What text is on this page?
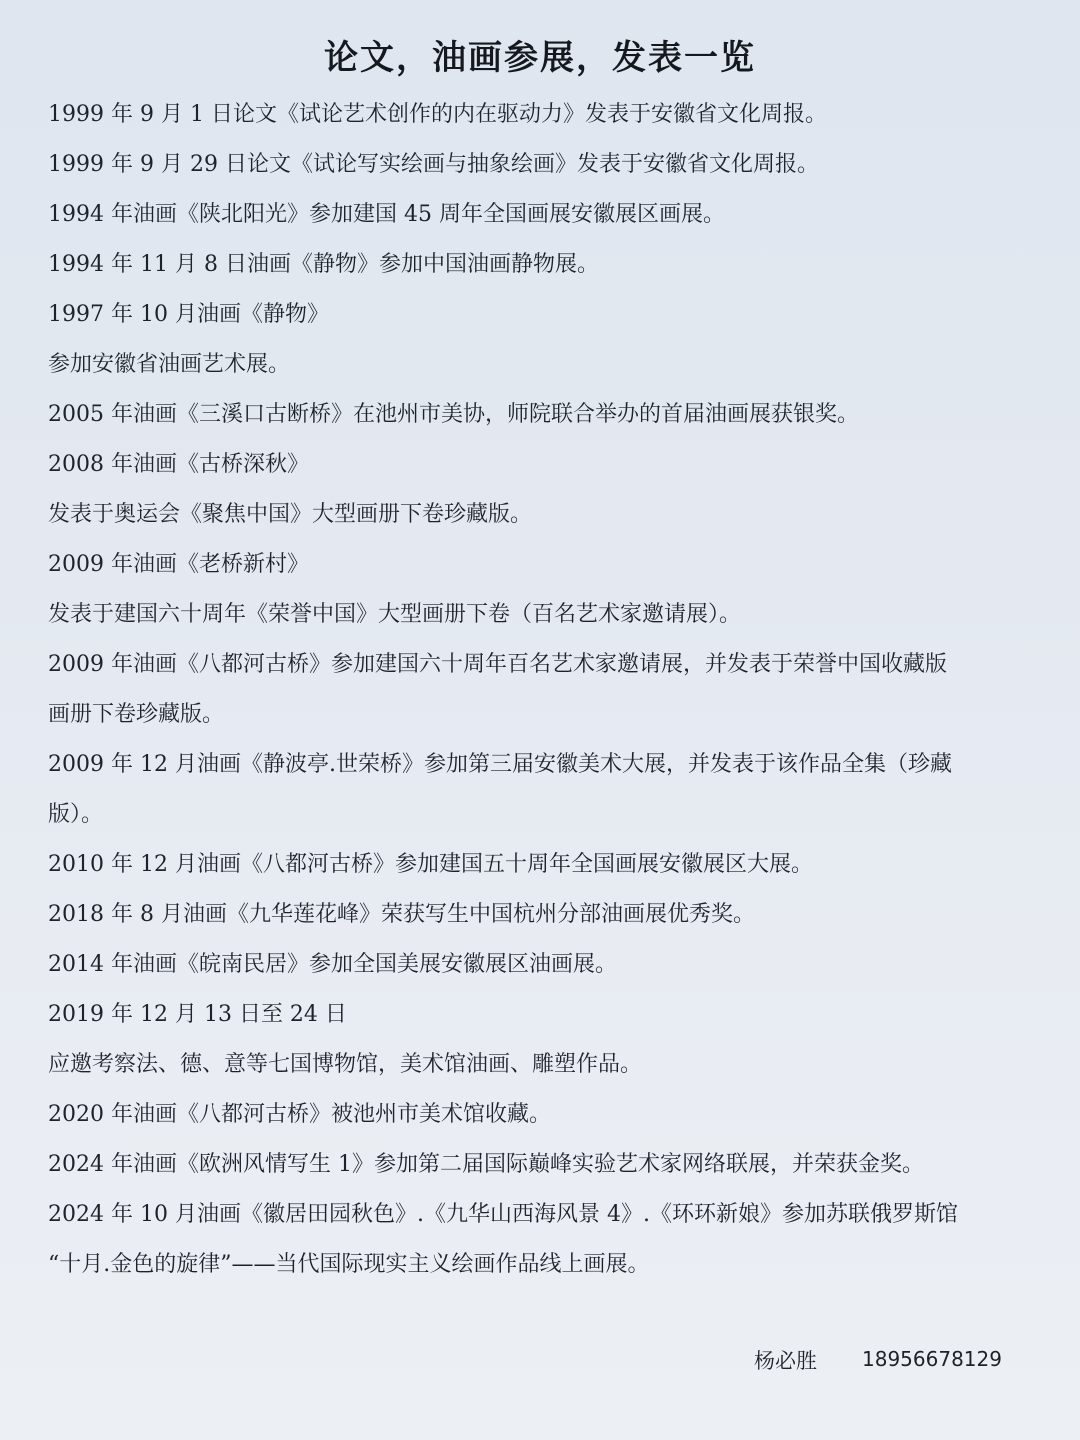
论文，油画参展，发表一览
1999 年 9 月 1 日论文《试论艺术创作的内在驱动力》发表于安徽省文化周报。
1999 年 9 月 29 日论文《试论写实绘画与抽象绘画》发表于安徽省文化周报。
1994 年油画《陕北阳光》参加建国 45 周年全国画展安徽展区画展。
1994 年 11 月 8 日油画《静物》参加中国油画静物展。
1997 年 10 月油画《静物》
参加安徽省油画艺术展。
2005 年油画《三溪口古断桥》在池州市美协，师院联合举办的首届油画展获银奖。
2008 年油画《古桥深秋》
发表于奥运会《聚焦中国》大型画册下卷珍藏版。
2009 年油画《老桥新村》
发表于建国六十周年《荣誉中国》大型画册下卷（百名艺术家邀请展）。
2009 年油画《八都河古桥》参加建国六十周年百名艺术家邀请展，并发表于荣誉中国收藏版
画册下卷珍藏版。
2009 年 12 月油画《静波亭.世荣桥》参加第三届安徽美术大展，并发表于该作品全集（珍藏
版）。
2010 年 12 月油画《八都河古桥》参加建国五十周年全国画展安徽展区大展。
2018 年 8 月油画《九华莲花峰》荣获写生中国杭州分部油画展优秀奖。
2014 年油画《皖南民居》参加全国美展安徽展区油画展。
2019 年 12 月 13 日至 24 日
应邀考察法、德、意等七国博物馆，美术馆油画、雕塑作品。
2020 年油画《八都河古桥》被池州市美术馆收藏。
2024 年油画《欧洲风情写生 1》参加第二届国际巅峰实验艺术家网络联展，并荣获金奖。
2024 年 10 月油画《徽居田园秋色》.《九华山西海风景 4》.《环环新娘》参加苏联俄罗斯馆
“十月.金色的旋律”——当代国际现实主义绘画作品线上画展。
杨必胜 18956678129
